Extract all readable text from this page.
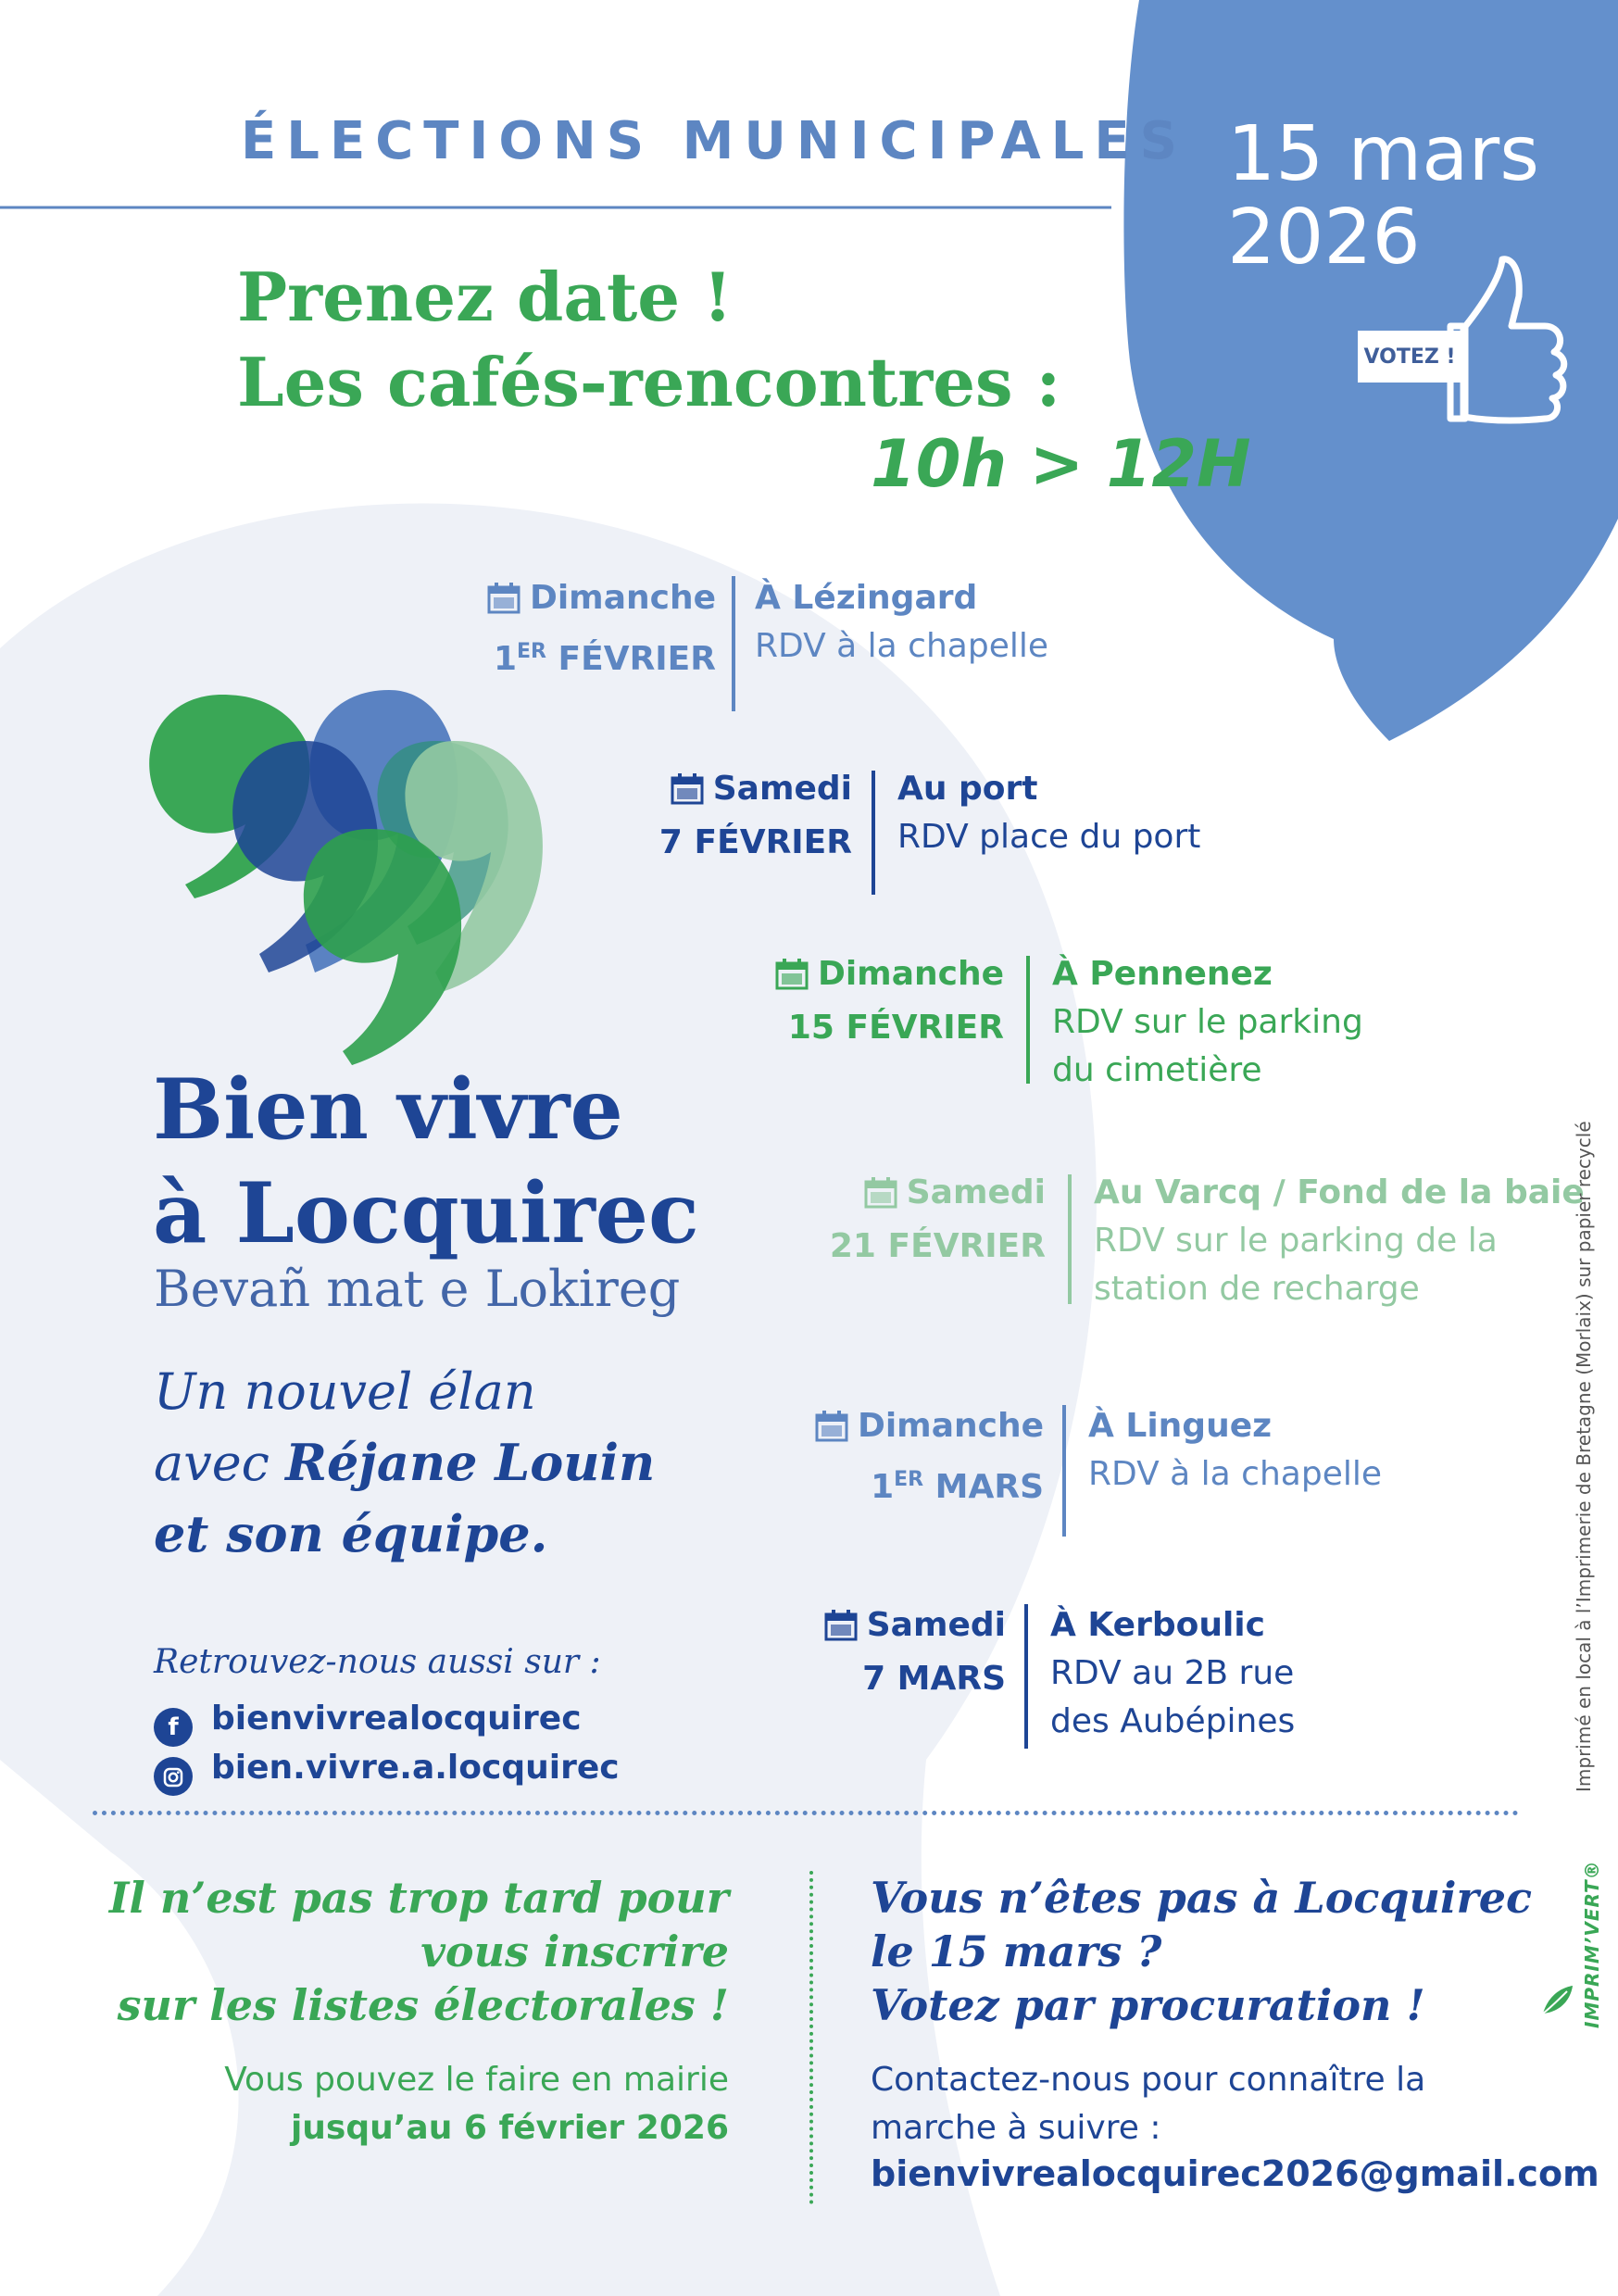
ÉLECTIONS MUNICIPALES 15 mars
2026
VOTEZ !
Prenez date !
Les cafés-rencontres :
10h > 12H
Dimanche
1ER FÉVRIER
À Lézingard
RDV à la chapelle
Samedi
7 FÉVRIER
Au port
RDV place du port
Dimanche
15 FÉVRIER
À Pennenez
RDV sur le parking
du cimetière
Samedi
21 FÉVRIER
Au Varcq / Fond de la baie
RDV sur le parking de la
station de recharge
Dimanche
1ER MARS
À Linguez
RDV à la chapelle
Samedi
7 MARS
À Kerboulic
RDV au 2B rue
des Aubépines
Bien vivre
à Locquirec
Bevañ mat e Lokireg
Un nouvel élan
avec Réjane Louin
et son équipe.
Retrouvez-nous aussi sur :
f bienvivrealocquirec
bien.vivre.a.locquirec
Il n’est pas trop tard pour
vous inscrire
sur les listes électorales !
Vous pouvez le faire en mairie
jusqu’au 6 février 2026
Vous n’êtes pas à Locquirec
le 15 mars ?
Votez par procuration !
Contactez-nous pour connaître la
marche à suivre :
bienvivrealocquirec2026@gmail.com
Imprimé en local à l’Imprimerie de Bretagne (Morlaix) sur papier recyclé
IMPRIM’VERT®
